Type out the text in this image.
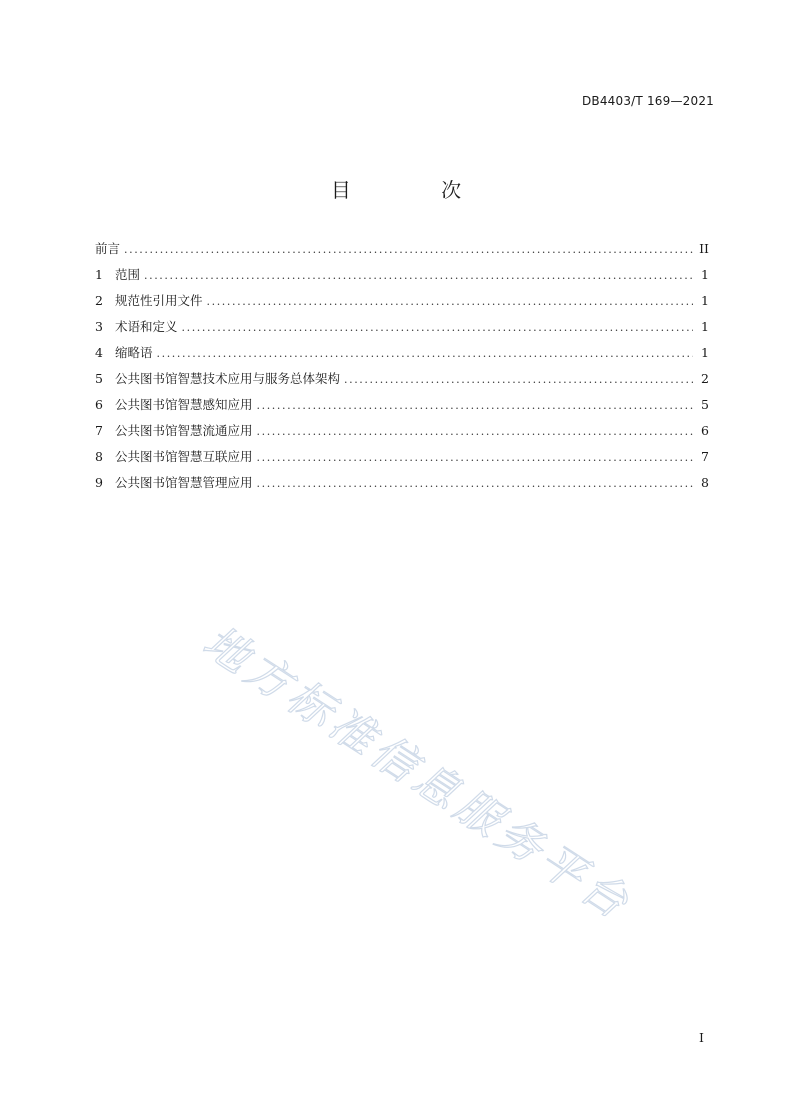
DB4403/T 169—2021
目 次
前言 .....	II
1 范围 .....	1
2 规范性引用文件 .....	1
3 术语和定义 .....	1
4 缩略语 .....	1
5 公共图书馆智慧技术应用与服务总体架构 .....	2
6 公共图书馆智慧感知应用 .....	5
7 公共图书馆智慧流通应用 .....	6
8 公共图书馆智慧互联应用 .....	7
9 公共图书馆智慧管理应用 .....	8
地方标准信息服务平台
I
